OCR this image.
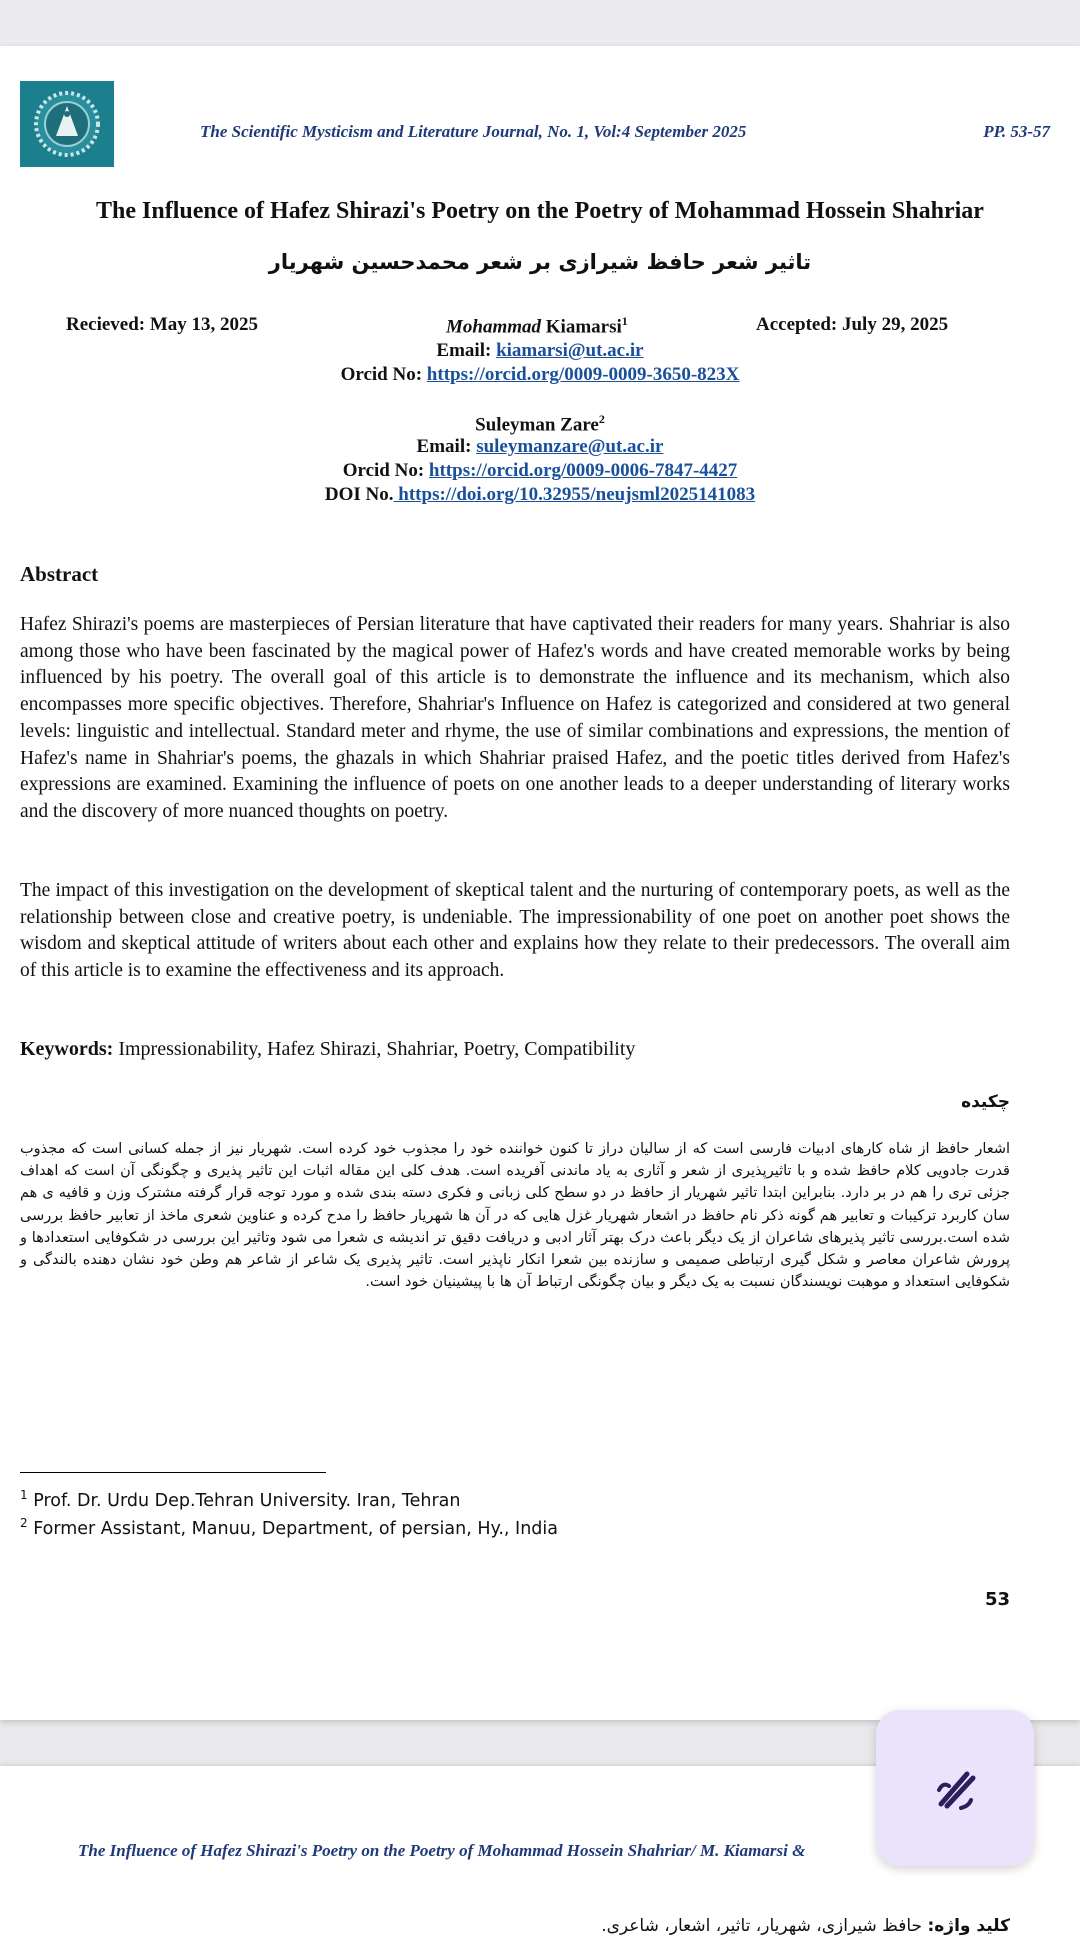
The Scientific Mysticism and Literature Journal, No. 1, Vol:4 September 2025	PP. 53-57
The Influence of Hafez Shirazi's Poetry on the Poetry of Mohammad Hossein Shahriar
تاثیر شعر حافظ شیرازی بر شعر محمدحسین شهریار
Recieved: May 13, 2025	Mohammad Kiamarsi$^1$	Accepted: July 29, 2025
Email: kiamarsi@ut.ac.ir
Orcid No: https://orcid.org/0009-0009-3650-823X
Suleyman Zare$^2$
Email: suleymanzare@ut.ac.ir
Orcid No: https://orcid.org/0009-0006-7847-4427
DOI No. https://doi.org/10.32955/neujsml2025141083
Abstract
Hafez Shirazi's poems are masterpieces of Persian literature that have captivated their readers for many years. Shahriar is also among those who have been fascinated by the magical power of Hafez's words and have created memorable works by being influenced by his poetry. The overall goal of this article is to demonstrate the influence and its mechanism, which also encompasses more specific objectives. Therefore, Shahriar's Influence on Hafez is categorized and considered at two general levels: linguistic and intellectual. Standard meter and rhyme, the use of similar combinations and expressions, the mention of Hafez's name in Shahriar's poems, the ghazals in which Shahriar praised Hafez, and the poetic titles derived from Hafez's expressions are examined. Examining the influence of poets on one another leads to a deeper understanding of literary works and the discovery of more nuanced thoughts on poetry.
The impact of this investigation on the development of skeptical talent and the nurturing of contemporary poets, as well as the relationship between close and creative poetry, is undeniable. The impressionability of one poet on another poet shows the wisdom and skeptical attitude of writers about each other and explains how they relate to their predecessors. The overall aim of this article is to examine the effectiveness and its approach.
Keywords: Impressionability, Hafez Shirazi, Shahriar, Poetry, Compatibility
چکیده
اشعار حافظ از شاه کارهای ادبیات فارسی است که از سالیان دراز تا کنون خواننده خود را مجذوب خود کرده است. شهریار نیز از جمله کسانی است که مجذوب قدرت جادویی کلام حافظ شده و با تاثیرپذیری از شعر و آثاری به یاد ماندنی آفریده است. هدف کلی این مقاله اثبات این تاثیر پذیری و چگونگی آن است که اهداف جزئی تری را هم در بر دارد. بنابراین ابتدا تاثیر شهریار از حافظ در دو سطح کلی زبانی و فکری دسته بندی شده و مورد توجه قرار گرفته مشترک وزن و قافیه ی هم سان کاربرد ترکیبات و تعابیر هم گونه ذکر نام حافظ در اشعار شهریار غزل هایی که در آن ها شهریار حافظ را مدح کرده و عناوین شعری ماخذ از تعابیر حافظ بررسی شده است.بررسی تاثیر پذیرهای شاعران از یک دیگر باعث درک بهتر آثار ادبی و دریافت دقیق تر اندیشه ی شعرا می شود وتاثیر این بررسی در شکوفایی استعدادها و پرورش شاعران معاصر و شکل گیری ارتباطی صمیمی و سازنده بین شعرا انکار ناپذیر است. تاثیر پذیری یک شاعر از شاعر هم وطن خود نشان دهنده بالندگی و شکوفایی استعداد و موهبت نویسندگان نسبت به یک دیگر و بیان چگونگی ارتباط آن ها با پیشینیان خود است.
$^1$ Prof. Dr. Urdu Dep.Tehran University. Iran, Tehran
$^2$ Former Assistant, Manuu, Department, of persian, Hy., India
53
The Influence of Hafez Shirazi's Poetry on the Poetry of Mohammad Hossein Shahriar/ M. Kiamarsi &
کلید واژه: حافظ شیرازی، شهریار، تاثیر، اشعار، شاعری.
